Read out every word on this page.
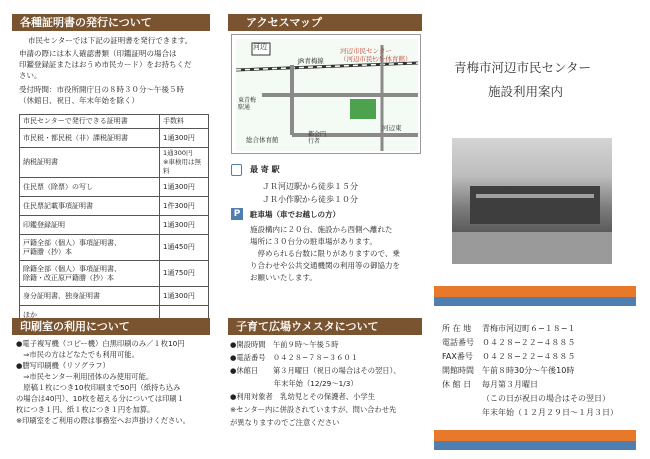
各種証明書の発行について
市民センターでは下記の証明書を発行できます。
申請の際には本人確認書類（印鑑証明の場合は
印鑑登録証またはおうめ市民カード）をお持ちくだ
さい。
受付時間：市役所開庁日の８時３０分～午後５時
（休館日、祝日、年末年始を除く）
市民センターで発行できる証明書	手数料
市民税・都民税（非）課税証明書	1通300円
納税証明書	1通300円
※車検用は無料
住民票（除票）の写し	1通300円
住民票記載事項証明書	1件300円
印鑑登録証明	1通300円
戸籍全部（個人）事項証明書、
戸籍謄（抄）本	1通450円
除籍全部（個人）事項証明書、
除籍・改正原戸籍謄（抄）本	1通750円
身分証明書、独身証明書	1通300円
ほか	
印刷室の利用について
●電子複写機（コピー機）白黒印刷のみ／１枚10円
　⇒市民の方はどなたでも利用可能。
●謄写印刷機（リソグラフ）
　⇒市民センター利用団体のみ使用可能。
　原稿１枚につき10枚印刷まで50円（紙持ち込み
の場合は40円）、10枚を超える分については印刷１
枚につき１円、紙１枚につき１円を加算。
※印刷室をご利用の際は事務室へお声掛けください。
アクセスマップ
河辺
JR青梅線
河辺市民センター
（河辺市民ｾﾝﾀｰ体育館）
河辺東
東青梅
駅通
総合体育館
都会円
行者
最 寄 駅
ＪＲ河辺駅から徒歩１５分
ＪＲ小作駅から徒歩１０分
P	駐車場（車でお越しの方）
施設構内に２０台、施設から西側へ離れた
場所に３０台分の駐車場があります。
　停められる台数に限りがありますので、乗
り合わせや公共交通機関の利用等の御協力を
お願いいたします。
子育て広場ウメスタについて
●開設時間　午前９時～午後５時
●電話番号　０４２８−７８−３６０１
●休館日　　第３月曜日（祝日の場合はその翌日）、
　　　　　　年末年始（12/29～1/3）
●利用対象者　乳幼児とその保護者、小学生
※センター内に併設されていますが、問い合わせ先
が異なりますのでご注意ください
青梅市河辺市民センター
施設利用案内
所 在 地	青梅市河辺町６−１８−１
電話番号	０４２８−２２−４８８５
FAX番号	０４２８−２２−４８８５
開館時間	午前８時30分～午後10時
休 館 日	毎月第３月曜日
（この日が祝日の場合はその翌日）
年末年始（１２月２９日～１月３日）
